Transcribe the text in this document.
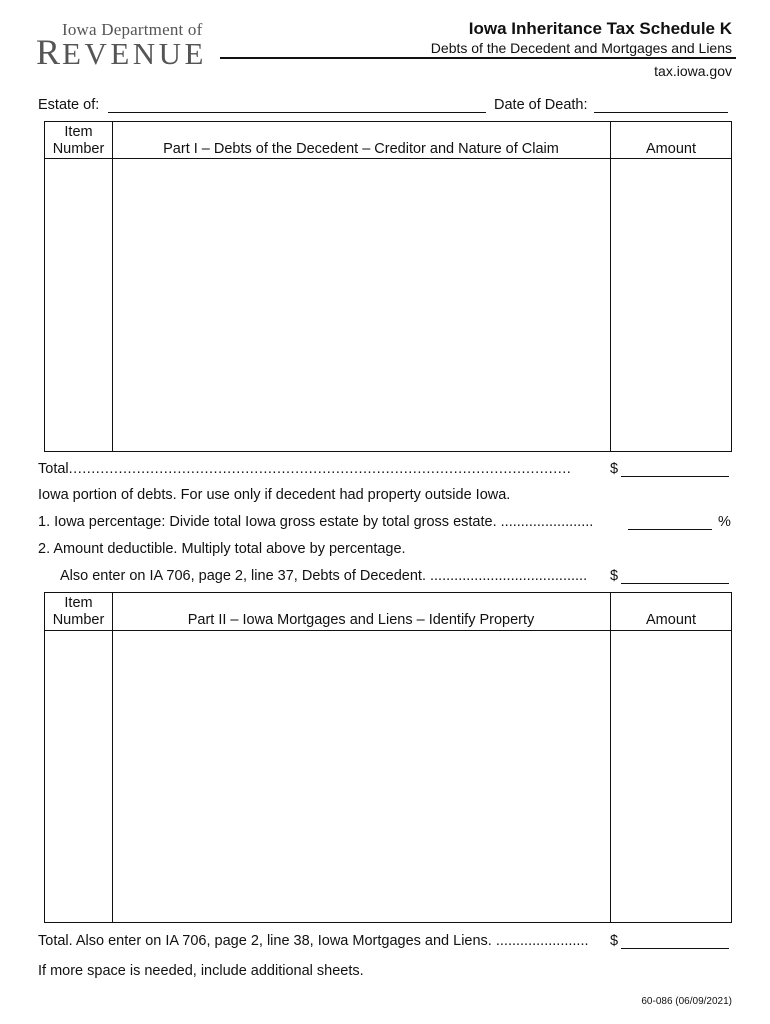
Iowa Department of
REVENUE
Iowa Inheritance Tax Schedule K
Debts of the Decedent and Mortgages and Liens
tax.iowa.gov
Estate of:	Date of Death:
Item
Number	Part I – Debts of the Decedent – Creditor and Nature of Claim	Amount
Total...............................................................................................................	$
Iowa portion of debts. For use only if decedent had property outside Iowa.
1. Iowa percentage: Divide total Iowa gross estate by total gross estate. .......................	%
2. Amount deductible. Multiply total above by percentage.
Also enter on IA 706, page 2, line 37, Debts of Decedent. ....................................... $
Item
Number	Part II – Iowa Mortgages and Liens – Identify Property	Amount
Total. Also enter on IA 706, page 2, line 38, Iowa Mortgages and Liens. ....................... $
If more space is needed, include additional sheets.
60-086 (06/09/2021)
